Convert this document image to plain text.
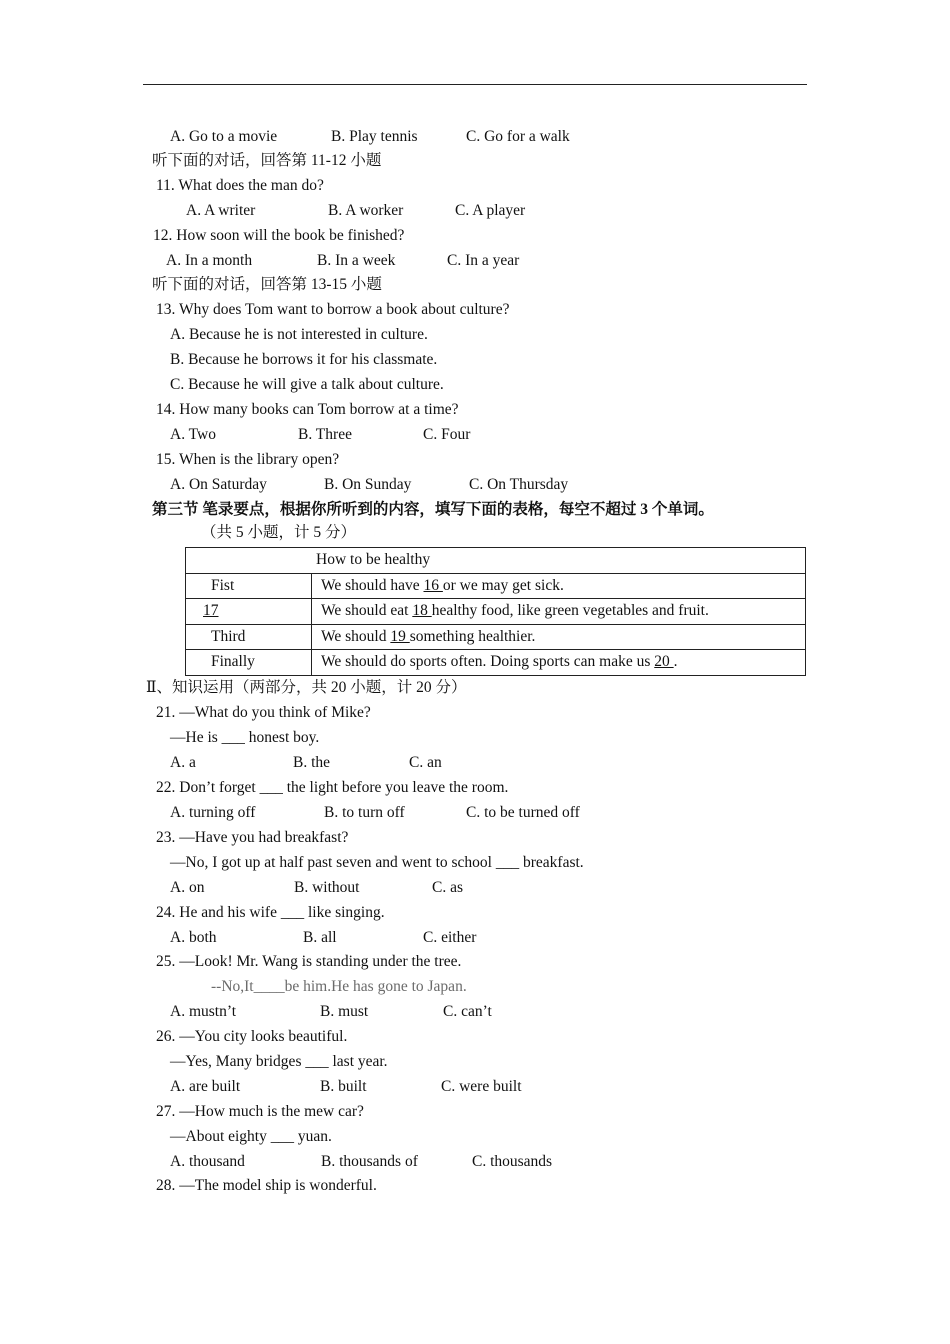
A. Go to a movie	B. Play tennis	C. Go for a walk
听下面的对话，回答第 11-12 小题
11. What does the man do?
A. A writer	B. A worker	C. A player
12. How soon will the book be finished?
A. In a month	B. In a week	C. In a year
听下面的对话，回答第 13-15 小题
13. Why does Tom want to borrow a book about culture?
A. Because he is not interested in culture.
B. Because he borrows it for his classmate.
C. Because he will give a talk about culture.
14. How many books can Tom borrow at a time?
A. Two	B. Three	C. Four
15. When is the library open?
A. On Saturday	B. On Sunday	C. On Thursday
第三节 笔录要点，根据你所听到的内容，填写下面的表格，每空不超过 3 个单词。
（共 5 小题，计 5 分）
Ⅱ、知识运用（两部分，共 20 小题，计 20 分）
21. —What do you think of Mike?
—He is ___ honest boy.
A. a	B. the	C. an
22. Don’t forget ___ the light before you leave the room.
A. turning off	B. to turn off	C. to be turned off
23. —Have you had breakfast?
—No, I got up at half past seven and went to school ___ breakfast.
A. on	B. without	C. as
24. He and his wife ___ like singing.
A. both	B. all	C. either
25. —Look! Mr. Wang is standing under the tree.
--No,It____be him.He has gone to Japan.
A. mustn’t	B. must	C. can’t
26. —You city looks beautiful.
—Yes, Many bridges ___ last year.
A. are built	B. built	C. were built
27. —How much is the mew car?
—About eighty ___ yuan.
A. thousand	B. thousands of	C. thousands
28. —The model ship is wonderful.
How to be healthy	
Fist	We should have 16 or we may get sick.
17	We should eat 18 healthy food, like green vegetables and fruit.
Third	We should 19 something healthier.
Finally	We should do sports often. Doing sports can make us 20 .
